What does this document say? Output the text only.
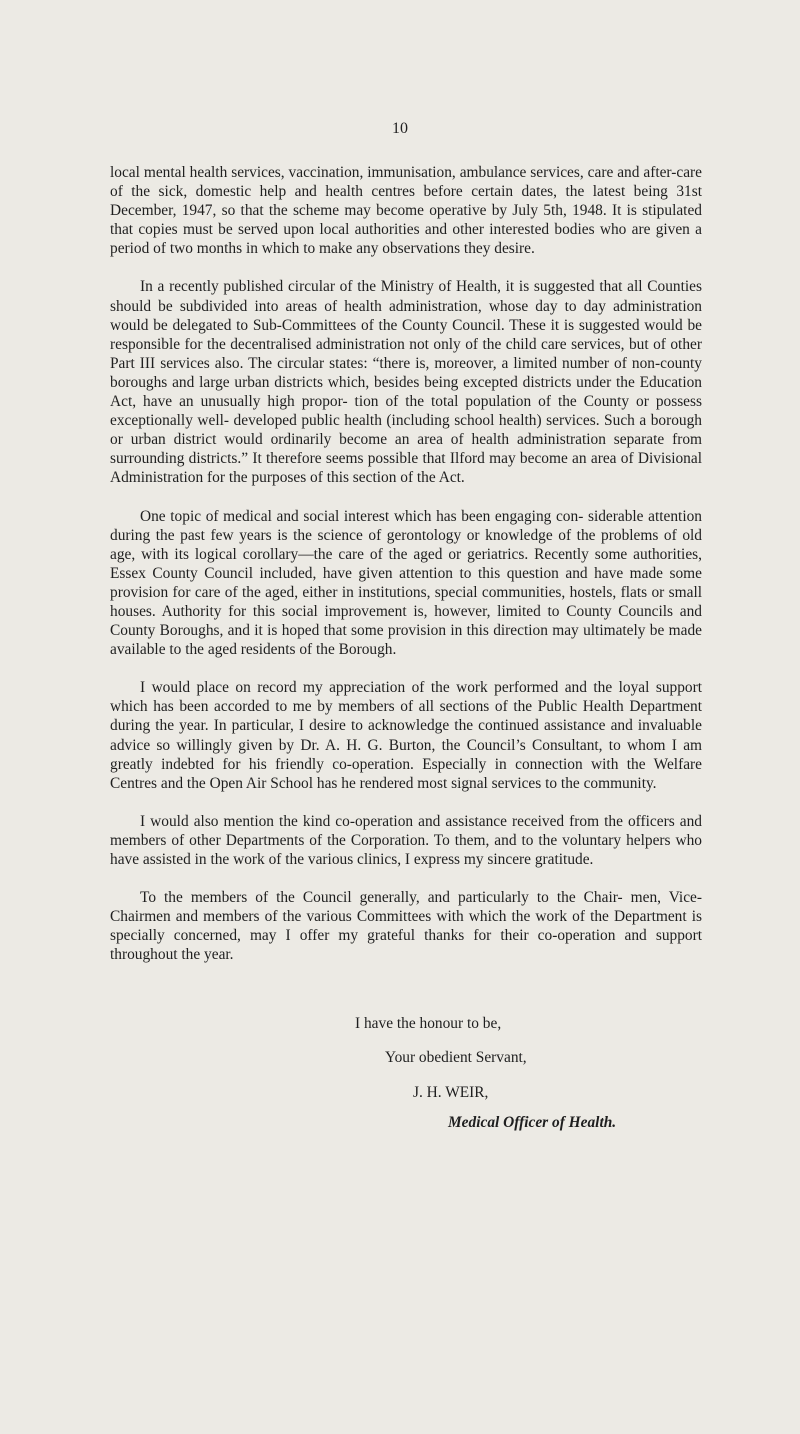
10

local mental health services, vaccination, immunisation, ambulance services, care and after-care of the sick, domestic help and health centres before certain dates, the latest being 31st December, 1947, so that the scheme may become operative by July 5th, 1948. It is stipulated that copies must be served upon local authorities and other interested bodies who are given a period of two months in which to make any observations they desire.

In a recently published circular of the Ministry of Health, it is suggested that all Counties should be subdivided into areas of health administration, whose day to day administration would be delegated to Sub-Committees of the County Council. These it is suggested would be responsible for the decentralised administration not only of the child care services, but of other Part III services also. The circular states: “there is, moreover, a limited number of non-county boroughs and large urban districts which, besides being excepted districts under the Education Act, have an unusually high propor- tion of the total population of the County or possess exceptionally well- developed public health (including school health) services. Such a borough or urban district would ordinarily become an area of health administration separate from surrounding districts.” It therefore seems possible that Ilford may become an area of Divisional Administration for the purposes of this section of the Act.

One topic of medical and social interest which has been engaging con- siderable attention during the past few years is the science of gerontology or knowledge of the problems of old age, with its logical corollary—the care of the aged or geriatrics. Recently some authorities, Essex County Council included, have given attention to this question and have made some provision for care of the aged, either in institutions, special communities, hostels, flats or small houses. Authority for this social improvement is, however, limited to County Councils and County Boroughs, and it is hoped that some provision in this direction may ultimately be made available to the aged residents of the Borough.

I would place on record my appreciation of the work performed and the loyal support which has been accorded to me by members of all sections of the Public Health Department during the year. In particular, I desire to acknowledge the continued assistance and invaluable advice so willingly given by Dr. A. H. G. Burton, the Council’s Consultant, to whom I am greatly indebted for his friendly co-operation. Especially in connection with the Welfare Centres and the Open Air School has he rendered most signal services to the community.

I would also mention the kind co-operation and assistance received from the officers and members of other Departments of the Corporation. To them, and to the voluntary helpers who have assisted in the work of the various clinics, I express my sincere gratitude.

To the members of the Council generally, and particularly to the Chair- men, Vice-Chairmen and members of the various Committees with which the work of the Department is specially concerned, may I offer my grateful thanks for their co-operation and support throughout the year.

I have the honour to be,
Your obedient Servant,
J. H. WEIR,
Medical Officer of Health.
